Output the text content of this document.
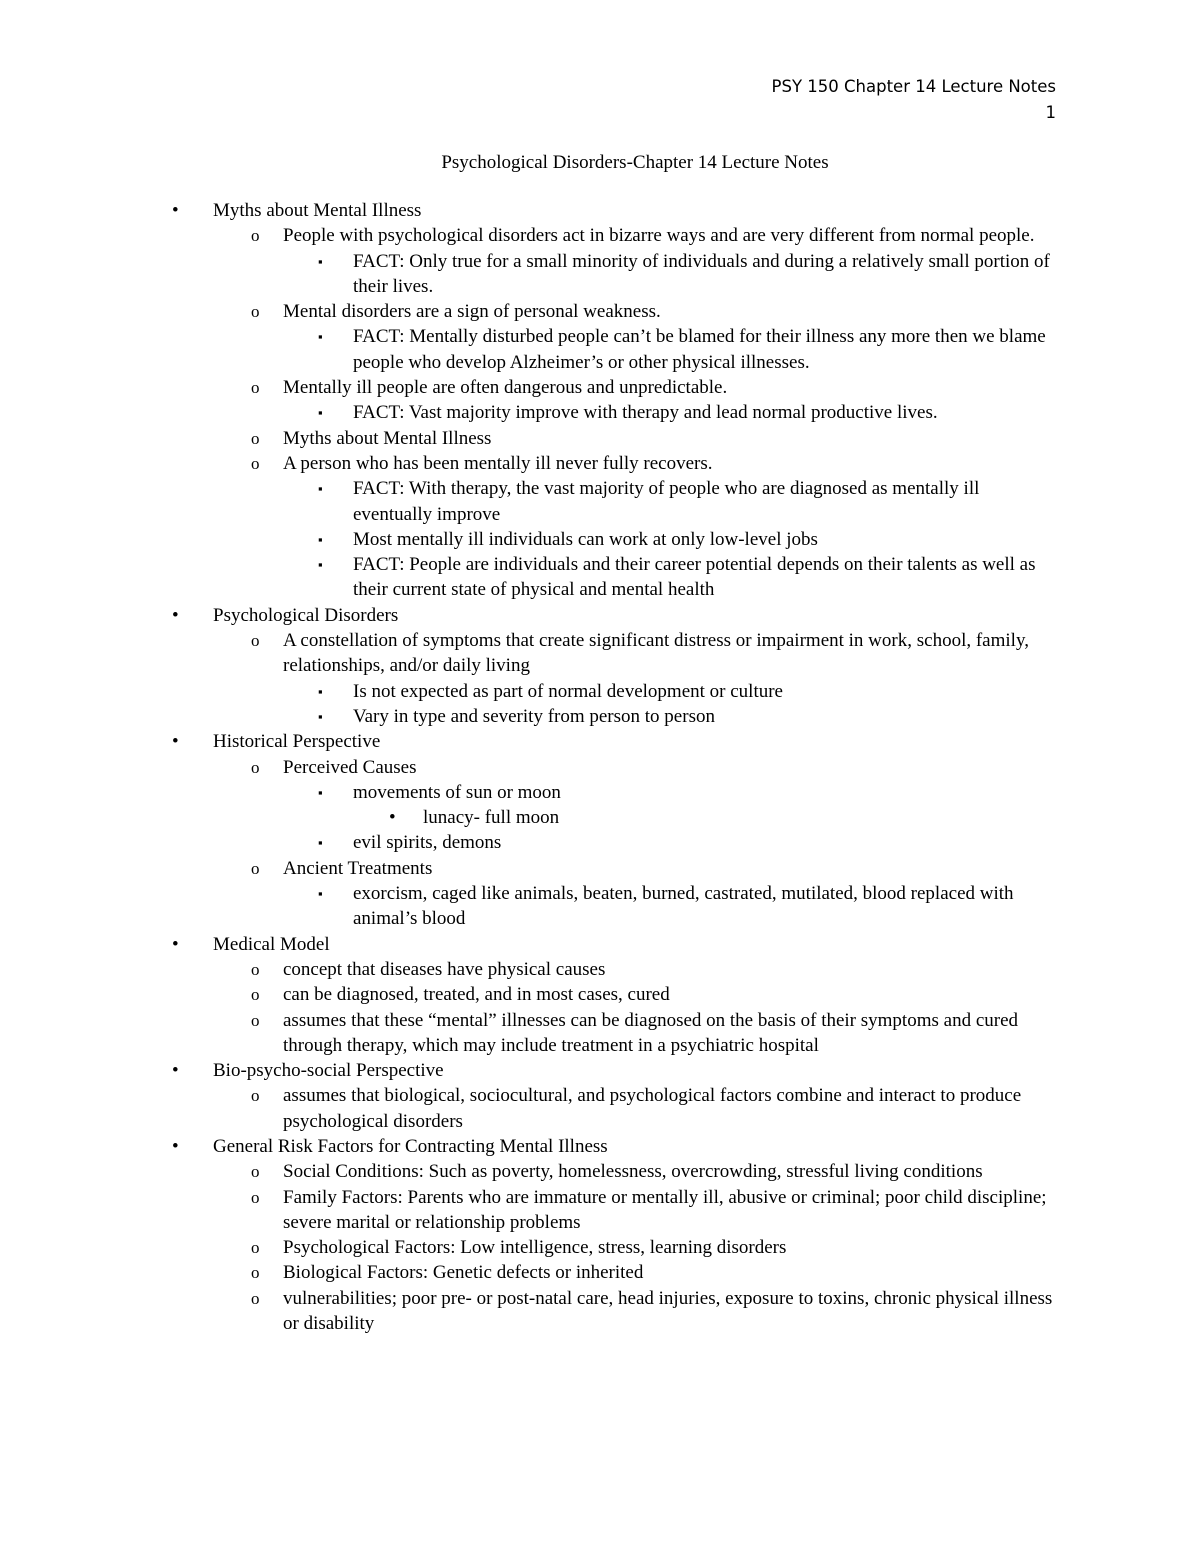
PSY 150 Chapter 14 Lecture Notes
1
Psychological Disorders-Chapter 14 Lecture Notes
• Myths about Mental Illness
o People with psychological disorders act in bizarre ways and are very different from normal people.
▪ FACT: Only true for a small minority of individuals and during a relatively small portion of their lives.
o Mental disorders are a sign of personal weakness.
▪ FACT: Mentally disturbed people can’t be blamed for their illness any more then we blame people who develop Alzheimer’s or other physical illnesses.
o Mentally ill people are often dangerous and unpredictable.
▪ FACT: Vast majority improve with therapy and lead normal productive lives.
o Myths about Mental Illness
o A person who has been mentally ill never fully recovers.
▪ FACT: With therapy, the vast majority of people who are diagnosed as mentally ill eventually improve
▪ Most mentally ill individuals can work at only low-level jobs
▪ FACT: People are individuals and their career potential depends on their talents as well as their current state of physical and mental health
• Psychological Disorders
o A constellation of symptoms that create significant distress or impairment in work, school, family, relationships, and/or daily living
▪ Is not expected as part of normal development or culture
▪ Vary in type and severity from person to person
• Historical Perspective
o Perceived Causes
▪ movements of sun or moon
• lunacy- full moon
▪ evil spirits, demons
o Ancient Treatments
▪ exorcism, caged like animals, beaten, burned, castrated, mutilated, blood replaced with animal’s blood
• Medical Model
o concept that diseases have physical causes
o can be diagnosed, treated, and in most cases, cured
o assumes that these “mental” illnesses can be diagnosed on the basis of their symptoms and cured through therapy, which may include treatment in a psychiatric hospital
• Bio-psycho-social Perspective
o assumes that biological, sociocultural, and psychological factors combine and interact to produce psychological disorders
• General Risk Factors for Contracting Mental Illness
o Social Conditions: Such as poverty, homelessness, overcrowding, stressful living conditions
o Family Factors: Parents who are immature or mentally ill, abusive or criminal; poor child discipline; severe marital or relationship problems
o Psychological Factors: Low intelligence, stress, learning disorders
o Biological Factors: Genetic defects or inherited
o vulnerabilities; poor pre- or post-natal care, head injuries, exposure to toxins, chronic physical illness or disability
